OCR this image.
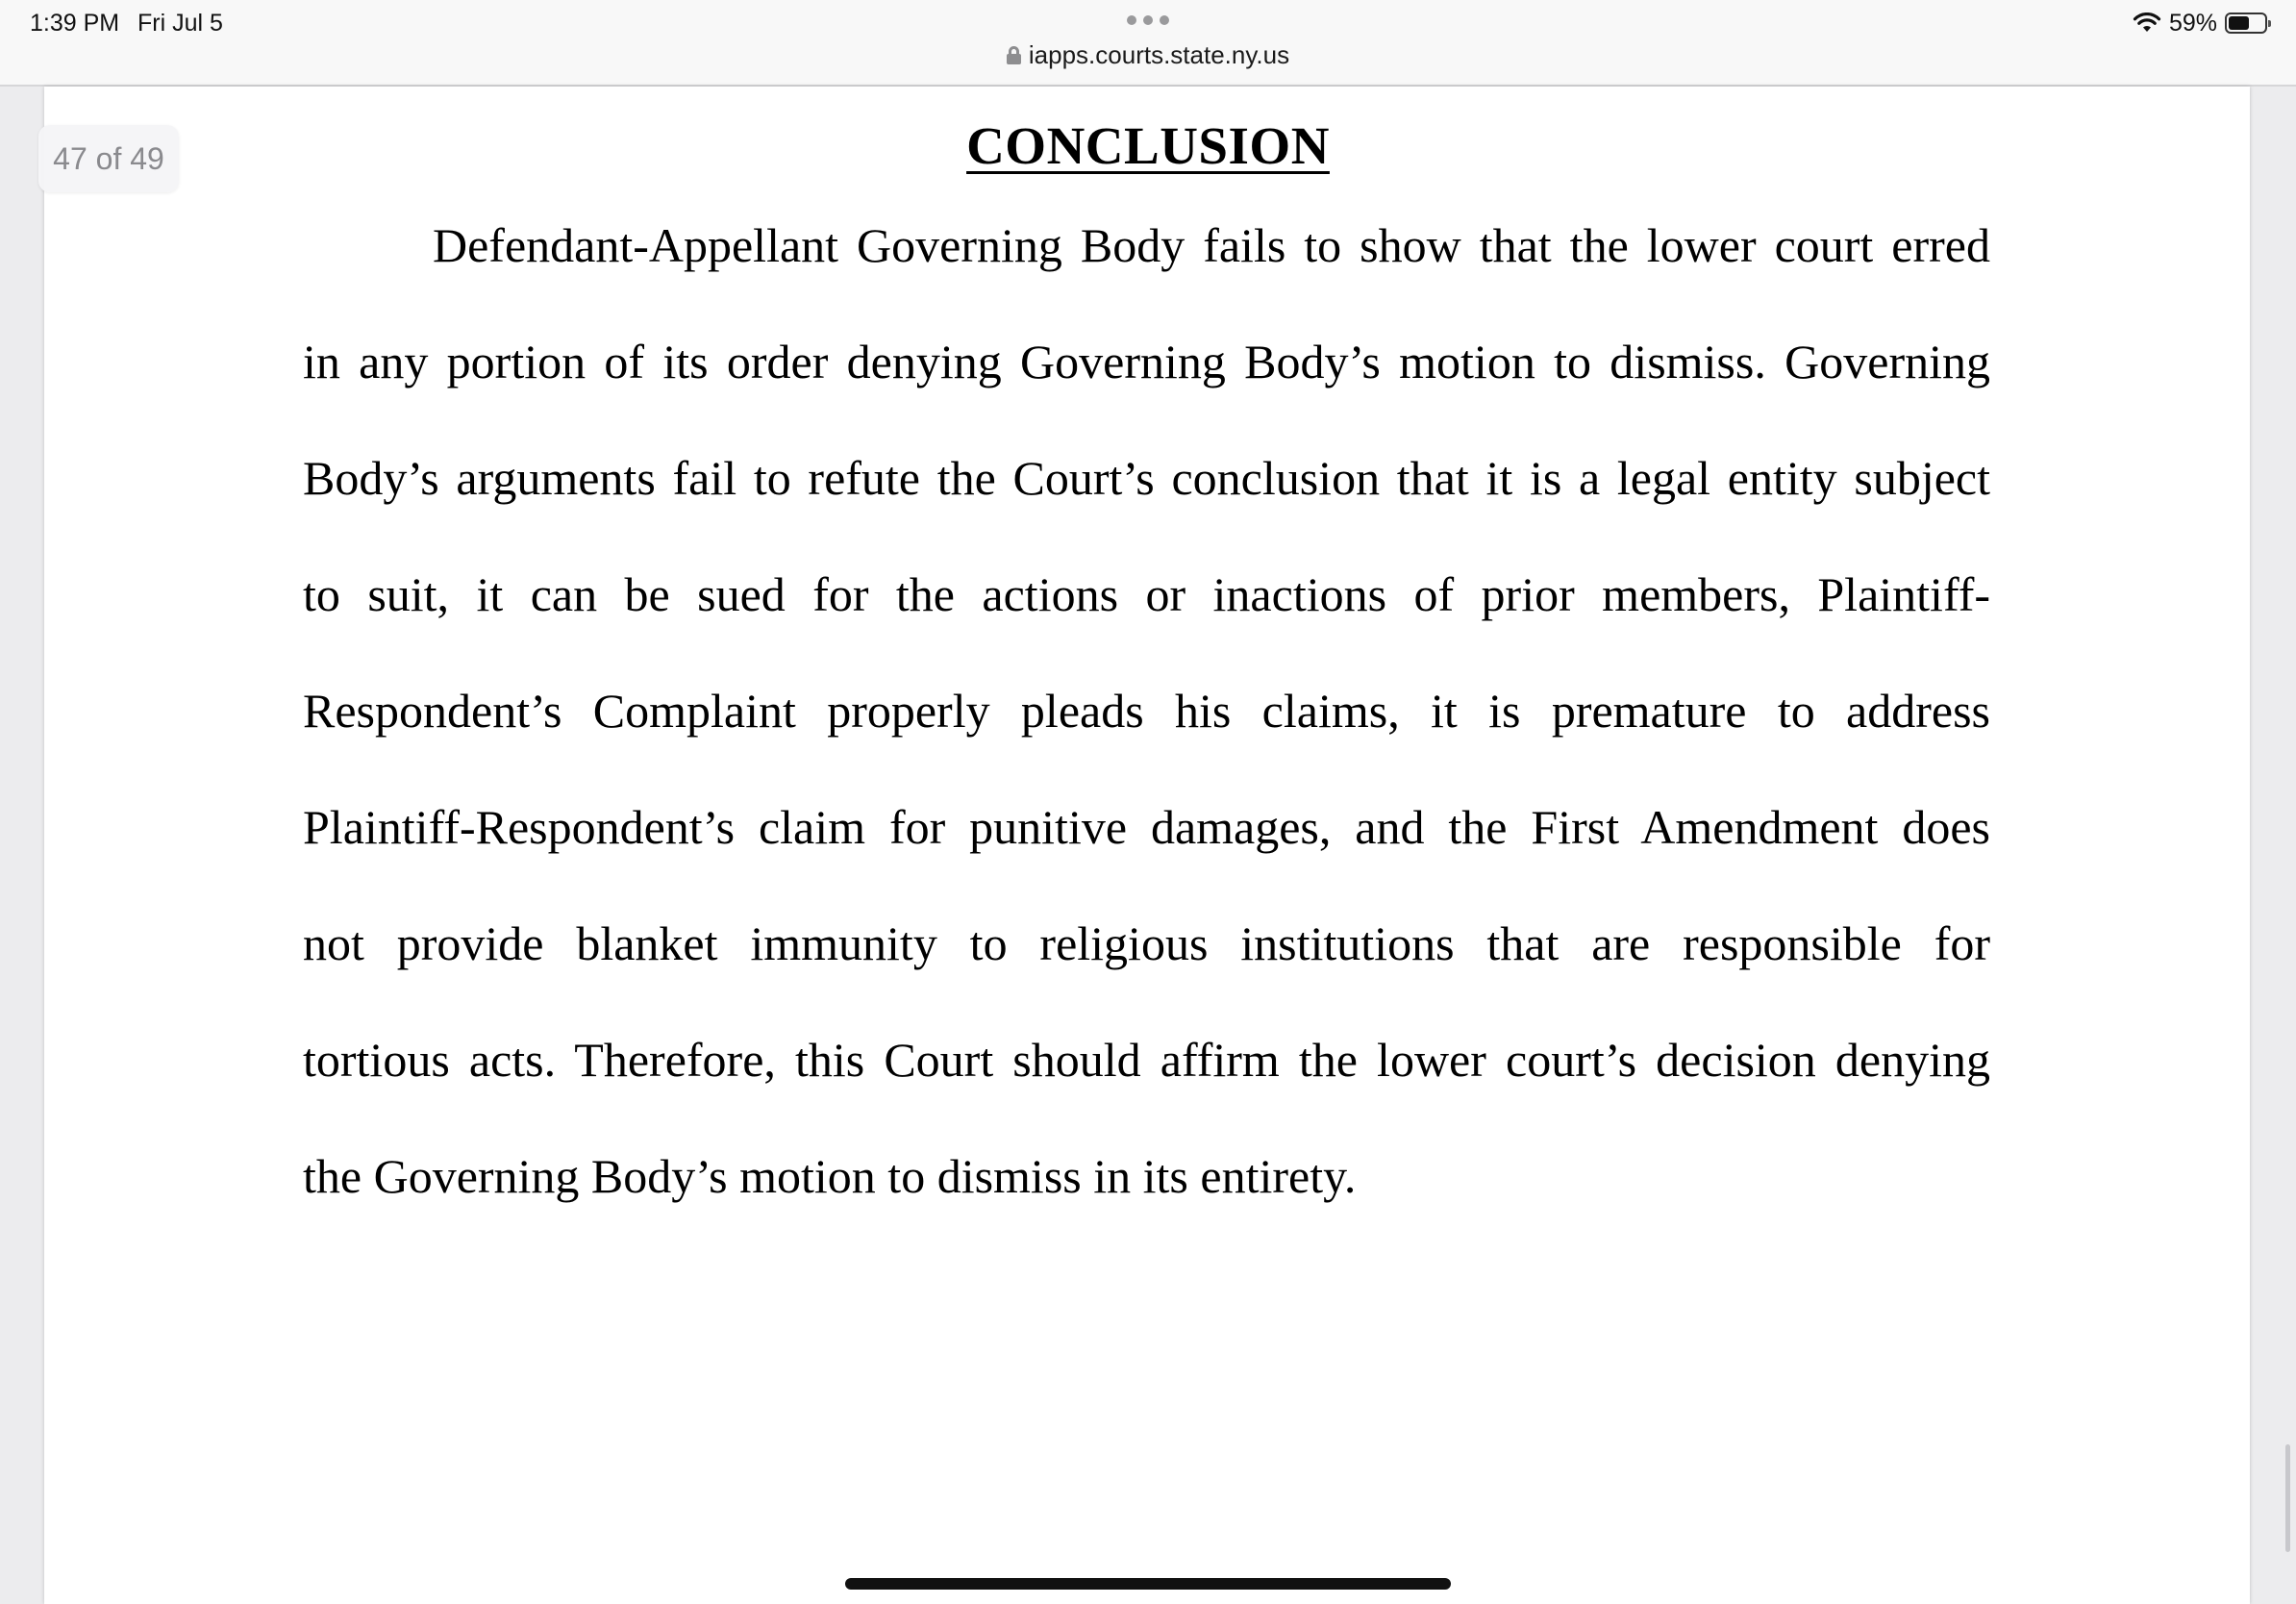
1:39 PM Fri Jul 5
iapps.courts.state.ny.us
59%
47 of 49	CONCLUSION
Defendant-Appellant Governing Body fails to show that the lower court erred
in any portion of its order denying Governing Body’s motion to dismiss. Governing
Body’s arguments fail to refute the Court’s conclusion that it is a legal entity subject
to suit, it can be sued for the actions or inactions of prior members, Plaintiff-
Respondent’s Complaint properly pleads his claims, it is premature to address
Plaintiff-Respondent’s claim for punitive damages, and the First Amendment does
not provide blanket immunity to religious institutions that are responsible for
tortious acts. Therefore, this Court should affirm the lower court’s decision denying
the Governing Body’s motion to dismiss in its entirety.
